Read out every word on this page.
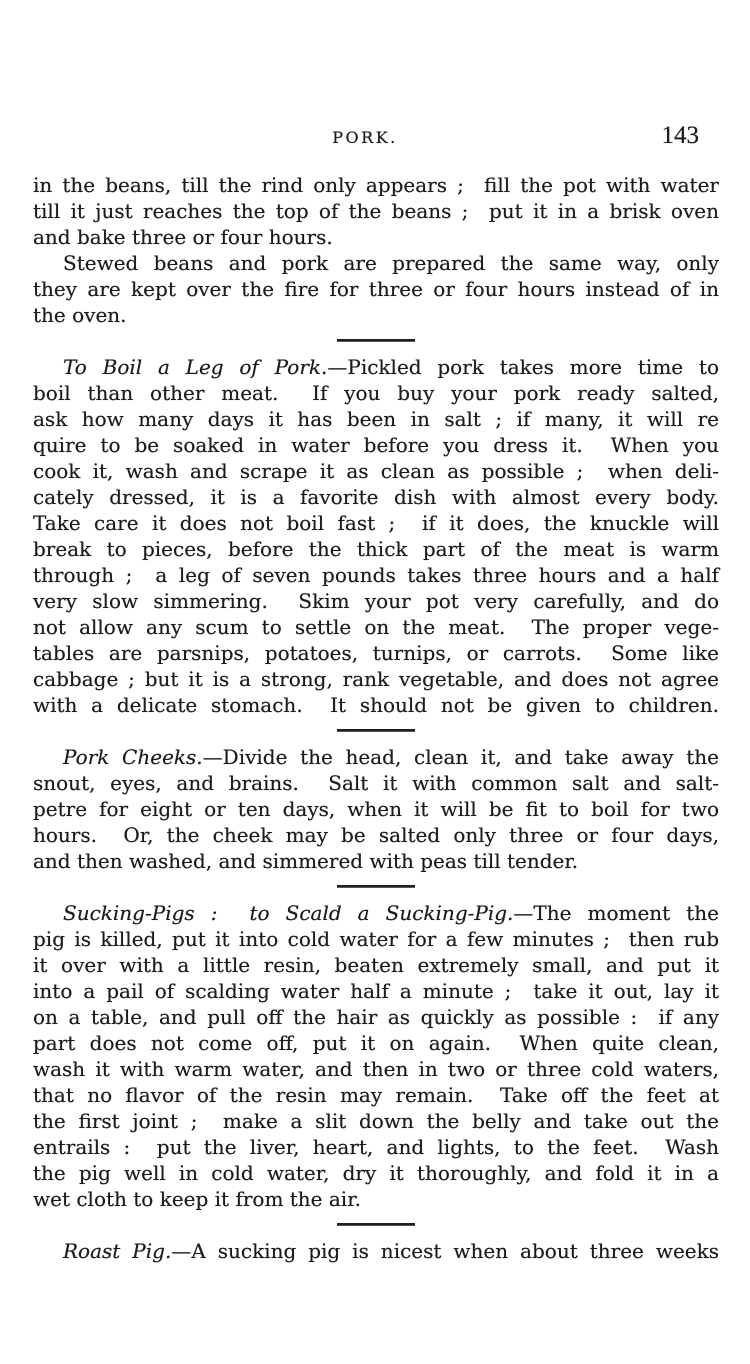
PORK.	143
in the beans, till the rind only appears ;  fill the pot with water
till it just reaches the top of the beans ;  put it in a brisk oven
and bake three or four hours.
Stewed beans and pork are prepared the same way, only
they are kept over the fire for three or four hours instead of in
the oven.
To Boil a Leg of Pork.—Pickled pork takes more time to
boil than other meat.  If you buy your pork ready salted,
ask how many days it has been in salt ; if many, it will re
quire to be soaked in water before you dress it.  When you
cook it, wash and scrape it as clean as possible ;  when deli-
cately dressed, it is a favorite dish with almost every body.
Take care it does not boil fast ;  if it does, the knuckle will
break to pieces, before the thick part of the meat is warm
through ;  a leg of seven pounds takes three hours and a half
very slow simmering.  Skim your pot very carefully, and do
not allow any scum to settle on the meat.  The proper vege-
tables are parsnips, potatoes, turnips, or carrots.  Some like
cabbage ; but it is a strong, rank vegetable, and does not agree
with a delicate stomach.  It should not be given to children.
Pork Cheeks.—Divide the head, clean it, and take away the
snout, eyes, and brains.  Salt it with common salt and salt-
petre for eight or ten days, when it will be fit to boil for two
hours.  Or, the cheek may be salted only three or four days,
and then washed, and simmered with peas till tender.
Sucking-Pigs :  to Scald a Sucking-Pig.—The moment the
pig is killed, put it into cold water for a few minutes ;  then rub
it over with a little resin, beaten extremely small, and put it
into a pail of scalding water half a minute ;  take it out, lay it
on a table, and pull off the hair as quickly as possible :  if any
part does not come off, put it on again.  When quite clean,
wash it with warm water, and then in two or three cold waters,
that no flavor of the resin may remain.  Take off the feet at
the first joint ;  make a slit down the belly and take out the
entrails :  put the liver, heart, and lights, to the feet.  Wash
the pig well in cold water, dry it thoroughly, and fold it in a
wet cloth to keep it from the air.
Roast Pig.—A sucking pig is nicest when about three weeks
